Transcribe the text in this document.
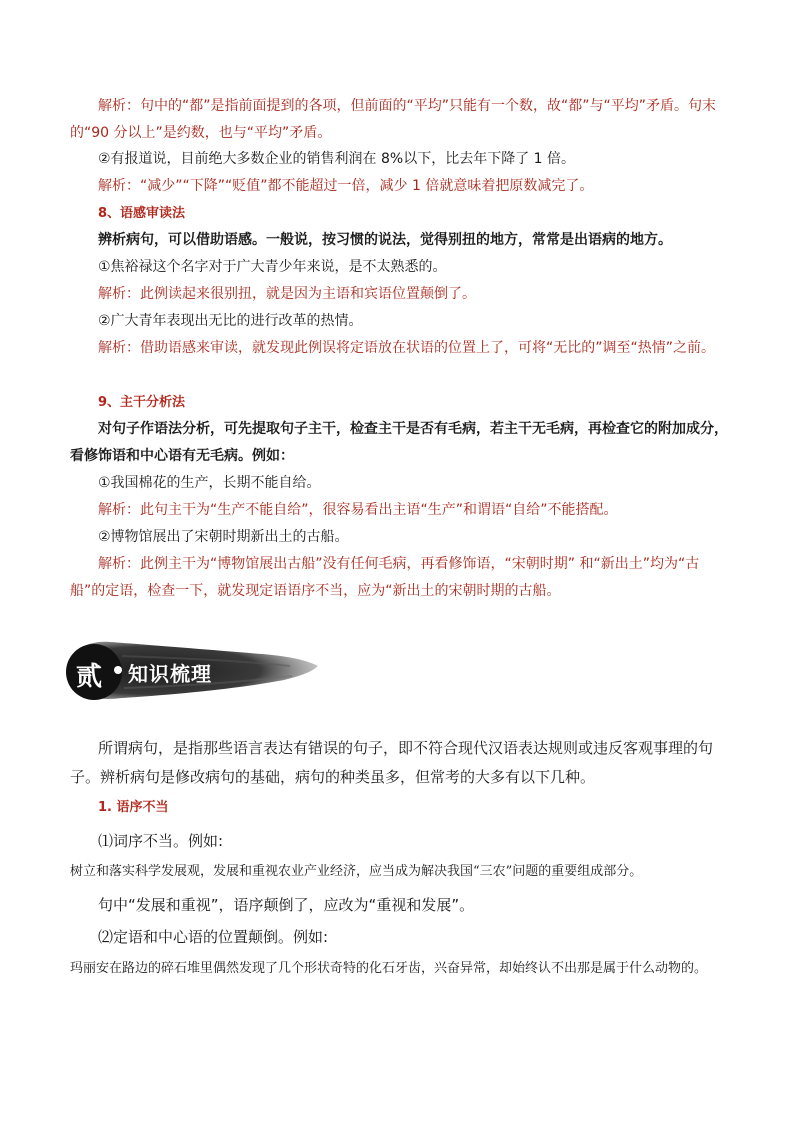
解析：句中的“都”是指前面提到的各项，但前面的“平均”只能有一个数，故“都”与“平均”矛盾。句末的“90 分以上”是约数，也与“平均”矛盾。

②有报道说，目前绝大多数企业的销售利润在 8%以下，比去年下降了 1 倍。

解析：“减少”“下降”“贬值”都不能超过一倍，减少 1 倍就意味着把原数减完了。

8、语感审读法

辨析病句，可以借助语感。一般说，按习惯的说法，觉得别扭的地方，常常是出语病的地方。

①焦裕禄这个名字对于广大青少年来说，是不太熟悉的。

解析：此例读起来很别扭，就是因为主语和宾语位置颠倒了。

②广大青年表现出无比的进行改革的热情。

解析：借助语感来审读，就发现此例误将定语放在状语的位置上了，可将“无比的”调至“热情”之前。

9、主干分析法

对句子作语法分析，可先提取句子主干，检查主干是否有毛病，若主干无毛病，再检查它的附加成分，看修饰语和中心语有无毛病。例如：

①我国棉花的生产，长期不能自给。

解析：此句主干为“生产不能自给”，很容易看出主语“生产”和谓语“自给”不能搭配。

②博物馆展出了宋朝时期新出土的古船。

解析：此例主干为“博物馆展出古船”没有任何毛病，再看修饰语，“宋朝时期” 和“新出土”均为“古船”的定语，检查一下，就发现定语语序不当，应为“新出土的宋朝时期的古船。

贰 知识梳理

所谓病句，是指那些语言表达有错误的句子，即不符合现代汉语表达规则或违反客观事理的句子。辨析病句是修改病句的基础，病句的种类虽多，但常考的大多有以下几种。

1. 语序不当

⑴词序不当。例如:

树立和落实科学发展观，发展和重视农业产业经济，应当成为解决我国“三农”问题的重要组成部分。

句中“发展和重视”，语序颠倒了，应改为“重视和发展”。

⑵定语和中心语的位置颠倒。例如:

玛丽安在路边的碎石堆里偶然发现了几个形状奇特的化石牙齿，兴奋异常，却始终认不出那是属于什么动物的。
